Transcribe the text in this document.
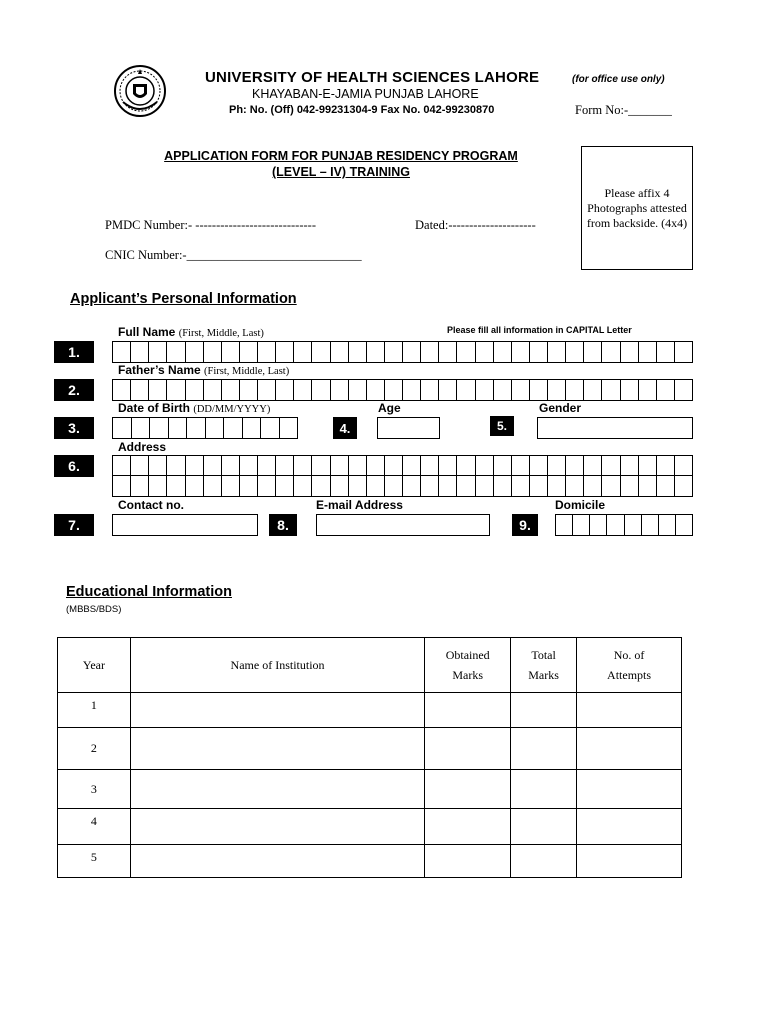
UNIVERSITY OF HEALTH SCIENCES LAHORE
KHAYABAN-E-JAMIA PUNJAB LAHORE
Ph: No. (Off) 042-99231304-9 Fax No. 042-99230870
(for office use only)
Form No:-_______
APPLICATION FORM FOR PUNJAB RESIDENCY PROGRAM
(LEVEL – IV) TRAINING
Please affix 4 Photographs attested from backside. (4x4)
PMDC Number:- -----------------------------	Dated:---------------------
CNIC Number:-____________________________
Applicant’s Personal Information
Please fill all information in CAPITAL Letter
Full Name (First, Middle, Last)
1.
Father’s Name (First, Middle, Last)
2.
Date of Birth (DD/MM/YYYY)	Age	Gender
3.	4.	5.
Address
6.
Contact no.	E-mail Address	Domicile
7.	8.	9.
Educational Information
(MBBS/BDS)
Year	Name of Institution	Obtained Marks	Total Marks	No. of Attempts
1				
2				
3				
4				
5				
